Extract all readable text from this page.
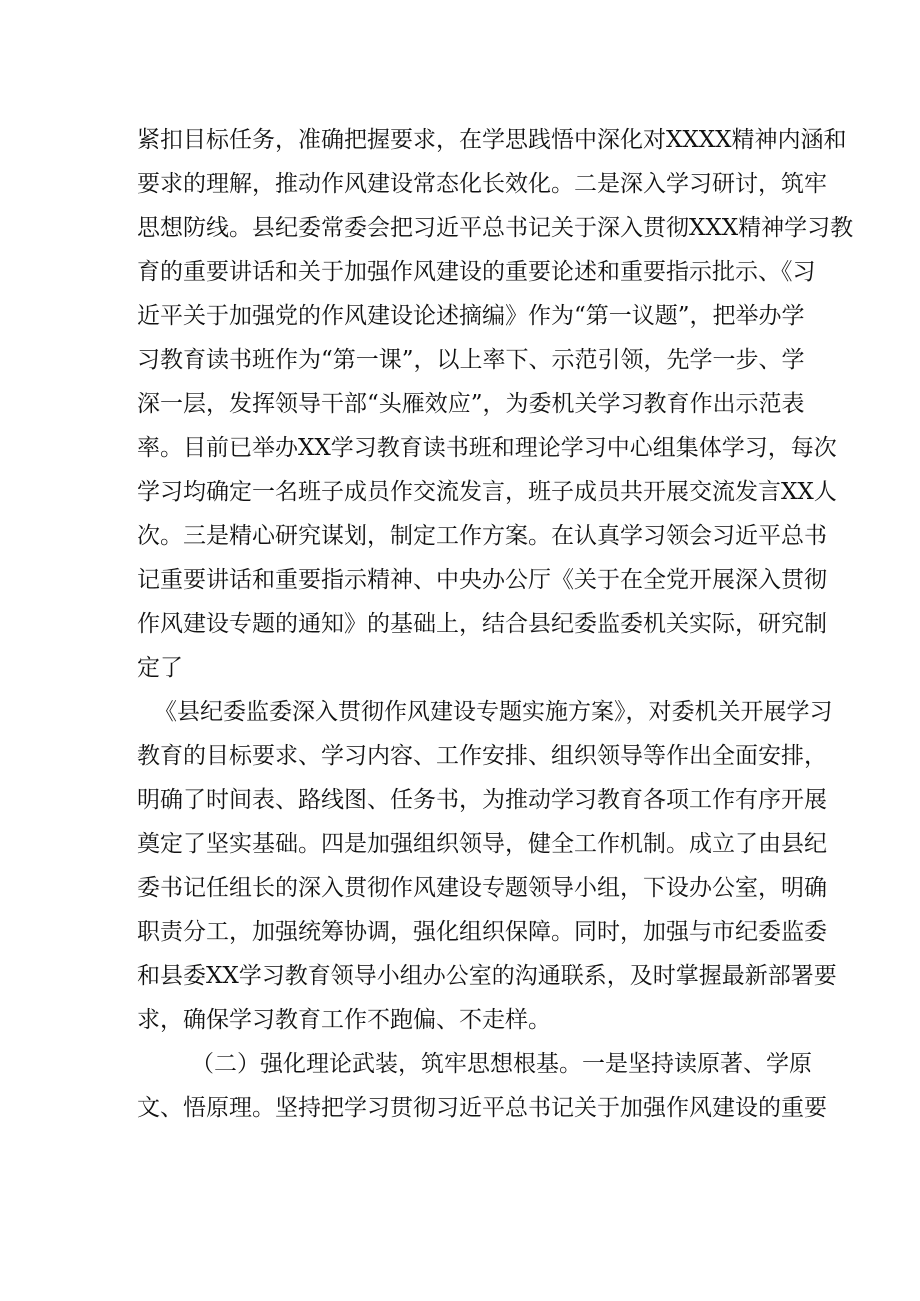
紧扣目标任务，准确把握要求，在学思践悟中深化对XXXX精神内涵和
要求的理解，推动作风建设常态化长效化。二是深入学习研讨，筑牢
思想防线。县纪委常委会把习近平总书记关于深入贯彻XXX精神学习教
育的重要讲话和关于加强作风建设的重要论述和重要指示批示、《习
近平关于加强党的作风建设论述摘编》作为“第一议题”，把举办学
习教育读书班作为“第一课”，以上率下、示范引领，先学一步、学
深一层，发挥领导干部“头雁效应”，为委机关学习教育作出示范表
率。目前已举办XX学习教育读书班和理论学习中心组集体学习，每次
学习均确定一名班子成员作交流发言，班子成员共开展交流发言XX人
次。三是精心研究谋划，制定工作方案。在认真学习领会习近平总书
记重要讲话和重要指示精神、中央办公厅《关于在全党开展深入贯彻
作风建设专题的通知》的基础上，结合县纪委监委机关实际，研究制
定了
《县纪委监委深入贯彻作风建设专题实施方案》，对委机关开展学习
教育的目标要求、学习内容、工作安排、组织领导等作出全面安排，
明确了时间表、路线图、任务书，为推动学习教育各项工作有序开展
奠定了坚实基础。四是加强组织领导，健全工作机制。成立了由县纪
委书记任组长的深入贯彻作风建设专题领导小组，下设办公室，明确
职责分工，加强统筹协调，强化组织保障。同时，加强与市纪委监委
和县委XX学习教育领导小组办公室的沟通联系，及时掌握最新部署要
求，确保学习教育工作不跑偏、不走样。
（二）强化理论武装，筑牢思想根基。一是坚持读原著、学原
文、悟原理。坚持把学习贯彻习近平总书记关于加强作风建设的重要
